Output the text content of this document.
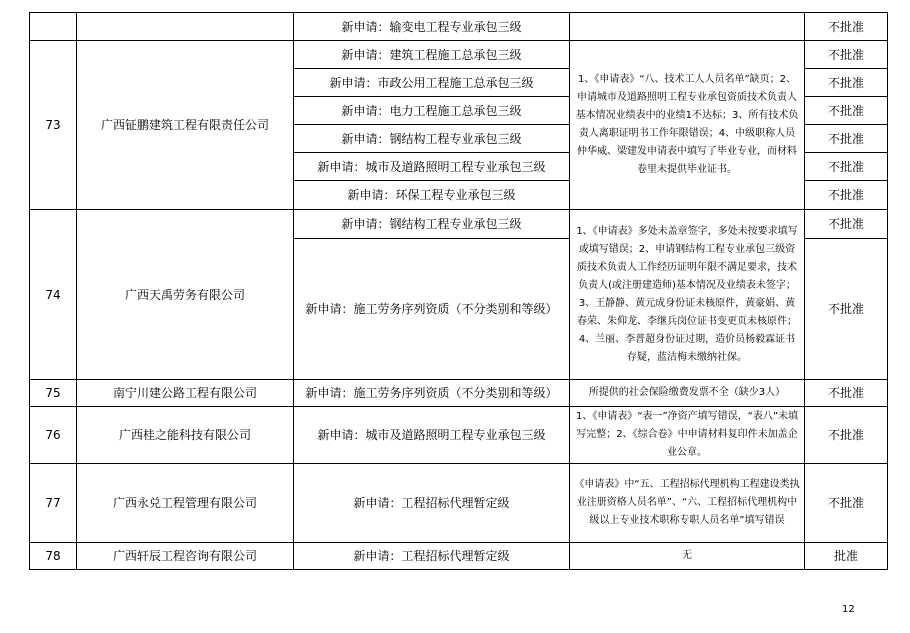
		新申请：输变电工程专业承包三级		不批准
73	广西钲鹏建筑工程有限责任公司	新申请：建筑工程施工总承包三级	1、《申请表》“八、技术工人人员名单”缺页；2、申请城市及道路照明工程专业承包资质技术负责人基本情况业绩表中的业绩1不达标；3、所有技术负责人离职证明书工作年限错误；4、中级职称人员仲华威、梁建发申请表中填写了毕业专业，而材料卷里未提供毕业证书。	不批准
		新申请：市政公用工程施工总承包三级		不批准
		新申请：电力工程施工总承包三级		不批准
		新申请：钢结构工程专业承包三级		不批准
		新申请：城市及道路照明工程专业承包三级		不批准
		新申请：环保工程专业承包三级		不批准
74	广西天禹劳务有限公司	新申请：钢结构工程专业承包三级	1、《申请表》多处未盖章签字，多处未按要求填写或填写错误；2、申请钢结构工程专业承包三级资质技术负责人工作经历证明年限不满足要求，技术负责人(或注册建造师)基本情况及业绩表未签字；3、王静静、黄元成身份证未核原件，黄豪娟、黄春荣、朱仰龙、李继兵岗位证书变更页未核原件；4、兰丽、李普超身份证过期，造价员杨毅霖证书存疑，蓝洁梅未缴纳社保。	不批准
		新申请：施工劳务序列资质（不分类别和等级）		不批准
75	南宁川建公路工程有限公司	新申请：施工劳务序列资质（不分类别和等级）	所提供的社会保险缴费发票不全（缺少3人）	不批准
76	广西桂之能科技有限公司	新申请：城市及道路照明工程专业承包三级	1、《申请表》“表一”净资产填写错误，“表八”未填写完整；2、《综合卷》中申请材料复印件未加盖企业公章。	不批准
77	广西永兑工程管理有限公司	新申请：工程招标代理暂定级	《申请表》中“五、工程招标代理机构工程建设类执业注册资格人员名单”、“六、工程招标代理机构中级以上专业技术职称专职人员名单”填写错误	不批准
78	广西轩辰工程咨询有限公司	新申请：工程招标代理暂定级	无	批准
12
